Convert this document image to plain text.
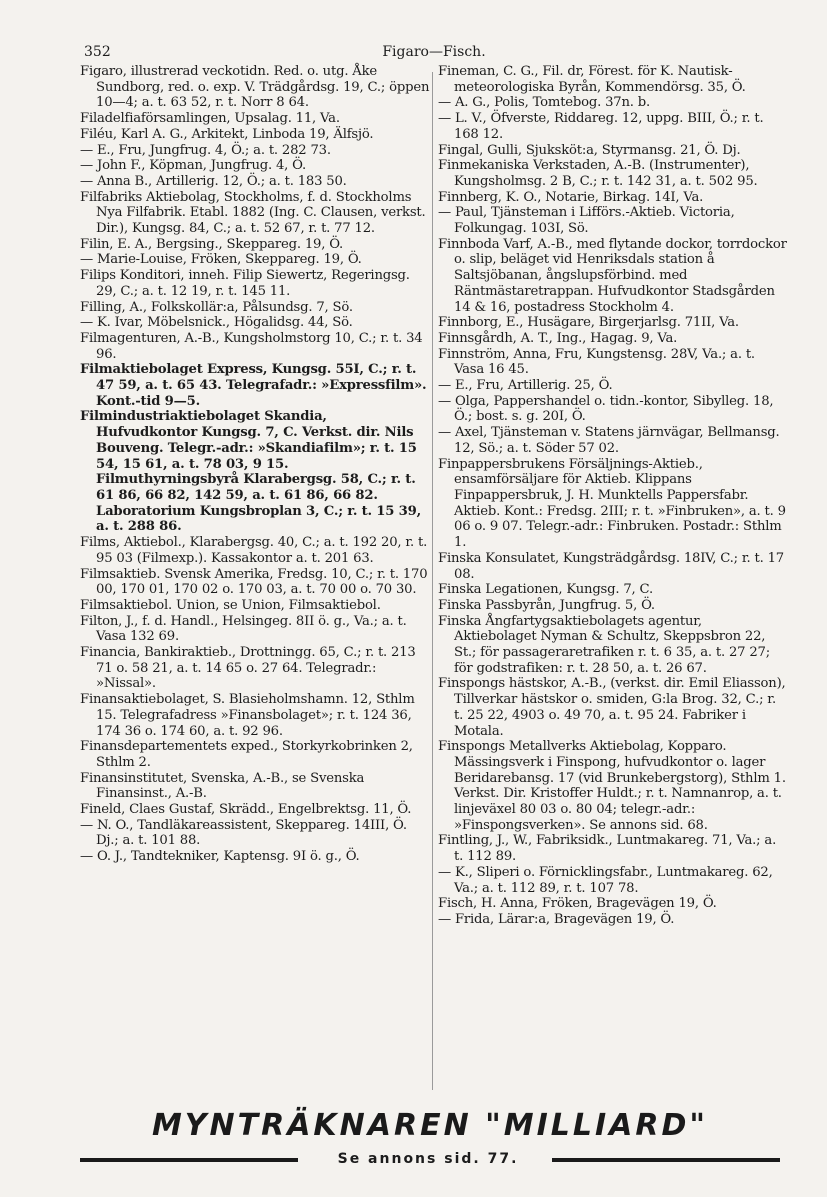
352	Figaro—Fisch.

Figaro, illustrerad veckotidn. Red. o. utg. Åke Sundborg, red. o. exp. V. Trädgårdsg. 19, C.; öppen 10—4; a. t. 63 52, r. t. Norr 8 64.

Filadelfiaförsamlingen, Upsalag. 11, Va.

Filéu, Karl A. G., Arkitekt, Linboda 19, Älfsjö.

— E., Fru, Jungfrug. 4, Ö.; a. t. 282 73.

— John F., Köpman, Jungfrug. 4, Ö.

— Anna B., Artillerig. 12, Ö.; a. t. 183 50.

Filfabriks Aktiebolag, Stockholms, f. d. Stockholms Nya Filfabrik. Etabl. 1882 (Ing. C. Clausen, verkst. Dir.), Kungsg. 84, C.; a. t. 52 67, r. t. 77 12.

Filin, E. A., Bergsing., Skeppareg. 19, Ö.

— Marie-Louise, Fröken, Skeppareg. 19, Ö.

Filips Konditori, inneh. Filip Siewertz, Regeringsg. 29, C.; a. t. 12 19, r. t. 145 11.

Filling, A., Folkskollär:a, Pålsundsg. 7, Sö.

— K. Ivar, Möbelsnick., Högalidsg. 44, Sö.

Filmagenturen, A.-B., Kungsholmstorg 10, C.; r. t. 34 96.

Filmaktiebolaget Express, Kungsg. 55I, C.; r. t. 47 59, a. t. 65 43. Telegrafadr.: »Expressfilm». Kont.-tid 9—5.

Filmindustriaktiebolaget Skandia, Hufvudkontor Kungsg. 7, C. Verkst. dir. Nils Bouveng. Telegr.-adr.: »Skandiafilm»; r. t. 15 54, 15 61, a. t. 78 03, 9 15. Filmuthyrningsbyrå Klarabergsg. 58, C.; r. t. 61 86, 66 82, 142 59, a. t. 61 86, 66 82. Laboratorium Kungsbroplan 3, C.; r. t. 15 39, a. t. 288 86.

Films, Aktiebol., Klarabergsg. 40, C.; a. t. 192 20, r. t. 95 03 (Filmexp.). Kassakontor a. t. 201 63.

Filmsaktieb. Svensk Amerika, Fredsg. 10, C.; r. t. 170 00, 170 01, 170 02 o. 170 03, a. t. 70 00 o. 70 30.

Filmsaktiebol. Union, se Union, Filmsaktiebol.

Filton, J., f. d. Handl., Helsingeg. 8II ö. g., Va.; a. t. Vasa 132 69.

Financia, Bankiraktieb., Drottningg. 65, C.; r. t. 213 71 o. 58 21, a. t. 14 65 o. 27 64. Telegradr.: »Nissal».

Finansaktiebolaget, S. Blasieholmshamn. 12, Sthlm 15. Telegrafadress »Finansbolaget»; r. t. 124 36, 174 36 o. 174 60, a. t. 92 96.

Finansdepartementets exped., Storkyrkobrinken 2, Sthlm 2.

Finansinstitutet, Svenska, A.-B., se Svenska Finansinst., A.-B.

Fineld, Claes Gustaf, Skrädd., Engelbrektsg. 11, Ö.

— N. O., Tandläkareassistent, Skeppareg. 14III, Ö. Dj.; a. t. 101 88.

— O. J., Tandtekniker, Kaptensg. 9I ö. g., Ö.

Fineman, C. G., Fil. dr, Förest. för K. Nautisk-meteorologiska Byrån, Kommendörsg. 35, Ö.

— A. G., Polis, Tomtebog. 37n. b.

— L. V., Öfverste, Riddareg. 12, uppg. BIII, Ö.; r. t. 168 12.

Fingal, Gulli, Sjuksköt:a, Styrmansg. 21, Ö. Dj.

Finmekaniska Verkstaden, A.-B. (Instrumenter), Kungsholmsg. 2 B, C.; r. t. 142 31, a. t. 502 95.

Finnberg, K. O., Notarie, Birkag. 14I, Va.

— Paul, Tjänsteman i Lifförs.-Aktieb. Victoria, Folkungag. 103I, Sö.

Finnboda Varf, A.-B., med flytande dockor, torrdockor o. slip, beläget vid Henriksdals station å Saltsjöbanan, ångslupsförbind. med Räntmästaretrappan. Hufvudkontor Stadsgården 14 & 16, postadress Stockholm 4.

Finnborg, E., Husägare, Birgerjarlsg. 71II, Va.

Finnsgårdh, A. T., Ing., Hagag. 9, Va.

Finnström, Anna, Fru, Kungstensg. 28V, Va.; a. t. Vasa 16 45.

— E., Fru, Artillerig. 25, Ö.

— Olga, Pappershandel o. tidn.-kontor, Sibylleg. 18, Ö.; bost. s. g. 20I, Ö.

— Axel, Tjänsteman v. Statens järnvägar, Bellmansg. 12, Sö.; a. t. Söder 57 02.

Finpappersbrukens Försäljnings-Aktieb., ensamförsäljare för Aktieb. Klippans Finpappersbruk, J. H. Munktells Pappersfabr. Aktieb. Kont.: Fredsg. 2III; r. t. »Finbruken», a. t. 9 06 o. 9 07. Telegr.-adr.: Finbruken. Postadr.: Sthlm 1.

Finska Konsulatet, Kungsträdgårdsg. 18IV, C.; r. t. 17 08.

Finska Legationen, Kungsg. 7, C.

Finska Passbyrån, Jungfrug. 5, Ö.

Finska Ångfartygsaktiebolagets agentur, Aktiebolaget Nyman & Schultz, Skeppsbron 22, St.; för passageraretrafiken r. t. 6 35, a. t. 27 27; för godstrafiken: r. t. 28 50, a. t. 26 67.

Finspongs hästskor, A.-B., (verkst. dir. Emil Eliasson), Tillverkar hästskor o. smiden, G:la Brog. 32, C.; r. t. 25 22, 4903 o. 49 70, a. t. 95 24. Fabriker i Motala.

Finspongs Metallverks Aktiebolag, Kopparo. Mässingsverk i Finspong, hufvudkontor o. lager Beridarebansg. 17 (vid Brunkebergstorg), Sthlm 1. Verkst. Dir. Kristoffer Huldt.; r. t. Namnanrop, a. t. linjeväxel 80 03 o. 80 04; telegr.-adr.: »Finspongsverken». Se annons sid. 68.

Fintling, J., W., Fabriksidk., Luntmakareg. 71, Va.; a. t. 112 89.

— K., Sliperi o. Förnicklingsfabr., Luntmakareg. 62, Va.; a. t. 112 89, r. t. 107 78.

Fisch, H. Anna, Fröken, Bragevägen 19, Ö.

— Frida, Lärar:a, Bragevägen 19, Ö.

MYNTRÄKNAREN "MILLIARD"
Se annons sid. 77.
